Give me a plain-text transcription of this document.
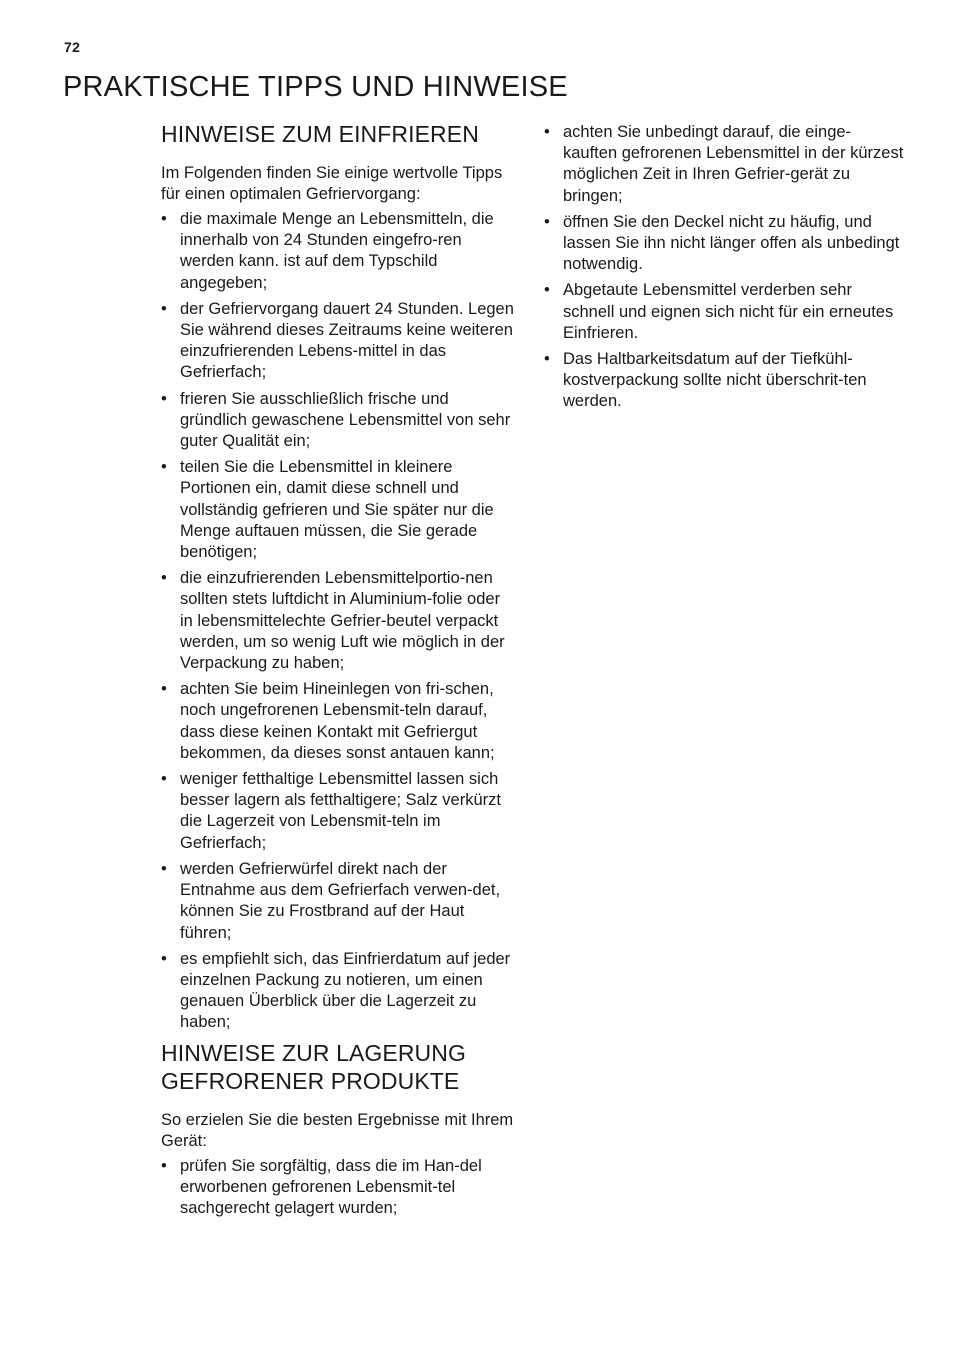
72
PRAKTISCHE TIPPS UND HINWEISE
HINWEISE ZUM EINFRIEREN

Im Folgenden finden Sie einige wertvolle Tipps für einen optimalen Gefriervorgang:

• die maximale Menge an Lebensmitteln, die innerhalb von 24 Stunden eingefro-ren werden kann. ist auf dem Typschild angegeben;
• der Gefriervorgang dauert 24 Stunden. Legen Sie während dieses Zeitraums keine weiteren einzufrierenden Lebens-mittel in das Gefrierfach;
• frieren Sie ausschließlich frische und gründlich gewaschene Lebensmittel von sehr guter Qualität ein;
• teilen Sie die Lebensmittel in kleinere Portionen ein, damit diese schnell und vollständig gefrieren und Sie später nur die Menge auftauen müssen, die Sie gerade benötigen;
• die einzufrierenden Lebensmittelportio-nen sollten stets luftdicht in Aluminium-folie oder in lebensmittelechte Gefrier-beutel verpackt werden, um so wenig Luft wie möglich in der Verpackung zu haben;
• achten Sie beim Hineinlegen von fri-schen, noch ungefrorenen Lebensmit-teln darauf, dass diese keinen Kontakt mit Gefriergut bekommen, da dieses sonst antauen kann;
• weniger fetthaltige Lebensmittel lassen sich besser lagern als fetthaltigere; Salz verkürzt die Lagerzeit von Lebensmit-teln im Gefrierfach;
• werden Gefrierwürfel direkt nach der Entnahme aus dem Gefrierfach verwen-det, können Sie zu Frostbrand auf der Haut führen;
• es empfiehlt sich, das Einfrierdatum auf jeder einzelnen Packung zu notieren, um einen genauen Überblick über die Lagerzeit zu haben;
HINWEISE ZUR LAGERUNG GEFRORENER PRODUKTE

So erzielen Sie die besten Ergebnisse mit Ihrem Gerät:

• prüfen Sie sorgfältig, dass die im Han-del erworbenen gefrorenen Lebensmit-tel sachgerecht gelagert wurden;
• achten Sie unbedingt darauf, die einge-kauften gefrorenen Lebensmittel in der kürzest möglichen Zeit in Ihren Gefrier-gerät zu bringen;
• öffnen Sie den Deckel nicht zu häufig, und lassen Sie ihn nicht länger offen als unbedingt notwendig.
• Abgetaute Lebensmittel verderben sehr schnell und eignen sich nicht für ein erneutes Einfrieren.
• Das Haltbarkeitsdatum auf der Tiefkühl-kostverpackung sollte nicht überschrit-ten werden.
